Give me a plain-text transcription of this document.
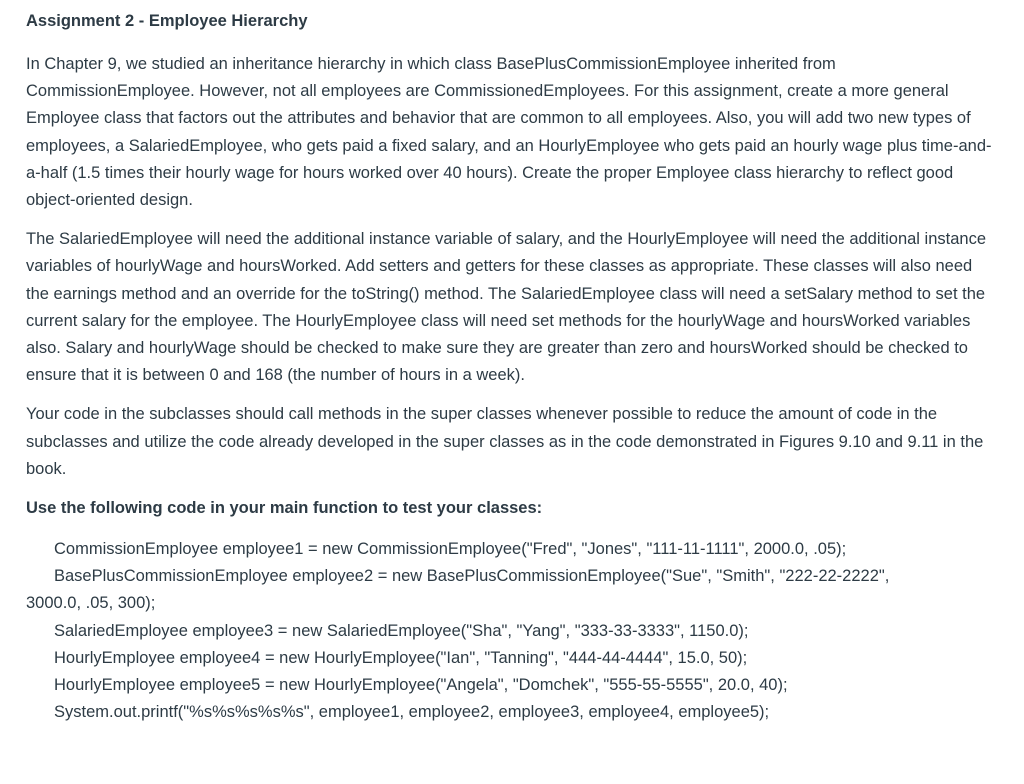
Assignment 2 - Employee Hierarchy

In Chapter 9, we studied an inheritance hierarchy in which class BasePlusCommissionEmployee inherited from CommissionEmployee. However, not all employees are CommissionedEmployees. For this assignment, create a more general Employee class that factors out the attributes and behavior that are common to all employees. Also, you will add two new types of employees, a SalariedEmployee, who gets paid a fixed salary, and an HourlyEmployee who gets paid an hourly wage plus time-and-a-half (1.5 times their hourly wage for hours worked over 40 hours). Create the proper Employee class hierarchy to reflect good object-oriented design.

The SalariedEmployee will need the additional instance variable of salary, and the HourlyEmployee will need the additional instance variables of hourlyWage and hoursWorked. Add setters and getters for these classes as appropriate. These classes will also need the earnings method and an override for the toString() method. The SalariedEmployee class will need a setSalary method to set the current salary for the employee. The HourlyEmployee class will need set methods for the hourlyWage and hoursWorked variables also. Salary and hourlyWage should be checked to make sure they are greater than zero and hoursWorked should be checked to ensure that it is between 0 and 168 (the number of hours in a week).

Your code in the subclasses should call methods in the super classes whenever possible to reduce the amount of code in the subclasses and utilize the code already developed in the super classes as in the code demonstrated in Figures 9.10 and 9.11 in the book.

Use the following code in your main function to test your classes:
CommissionEmployee employee1 = new CommissionEmployee("Fred", "Jones", "111-11-1111", 2000.0, .05);
BasePlusCommissionEmployee employee2 = new BasePlusCommissionEmployee("Sue", "Smith", "222-22-2222",
3000.0, .05, 300);
SalariedEmployee employee3 = new SalariedEmployee("Sha", "Yang", "333-33-3333", 1150.0);
HourlyEmployee employee4 = new HourlyEmployee("Ian", "Tanning", "444-44-4444", 15.0, 50);
HourlyEmployee employee5 = new HourlyEmployee("Angela", "Domchek", "555-55-5555", 20.0, 40);
System.out.printf("%s%s%s%s%s", employee1, employee2, employee3, employee4, employee5);
